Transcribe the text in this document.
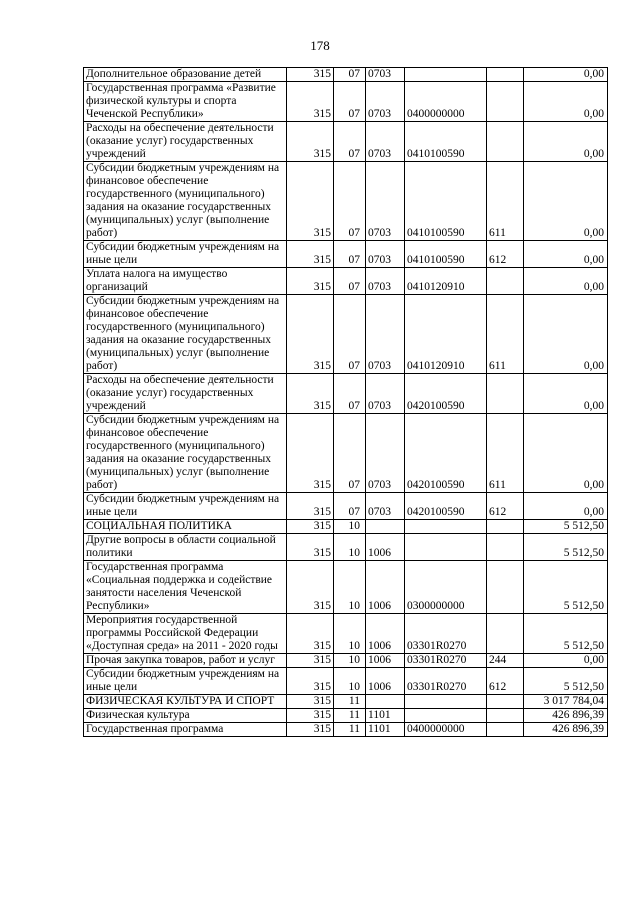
178
Дополнительное образование детей	315	07	0703			0,00
Государственная программа «Развитие физической культуры и спорта Чеченской Республики»	315	07	0703	0400000000		0,00
Расходы на обеспечение деятельности (оказание услуг) государственных учреждений	315	07	0703	0410100590		0,00
Субсидии бюджетным учреждениям на финансовое обеспечение государственного (муниципального) задания на оказание государственных (муниципальных) услуг (выполнение работ)	315	07	0703	0410100590	611	0,00
Субсидии бюджетным учреждениям на иные цели	315	07	0703	0410100590	612	0,00
Уплата налога на имущество организаций	315	07	0703	0410120910		0,00
Субсидии бюджетным учреждениям на финансовое обеспечение государственного (муниципального) задания на оказание государственных (муниципальных) услуг (выполнение работ)	315	07	0703	0410120910	611	0,00
Расходы на обеспечение деятельности (оказание услуг) государственных учреждений	315	07	0703	0420100590		0,00
Субсидии бюджетным учреждениям на финансовое обеспечение государственного (муниципального) задания на оказание государственных (муниципальных) услуг (выполнение работ)	315	07	0703	0420100590	611	0,00
Субсидии бюджетным учреждениям на иные цели	315	07	0703	0420100590	612	0,00
СОЦИАЛЬНАЯ ПОЛИТИКА	315	10				5 512,50
Другие вопросы в области социальной политики	315	10	1006			5 512,50
Государственная программа «Социальная поддержка и содействие занятости населения Чеченской Республики»	315	10	1006	0300000000		5 512,50
Мероприятия государственной программы Российской Федерации «Доступная среда» на 2011 - 2020 годы	315	10	1006	03301R0270		5 512,50
Прочая закупка товаров, работ и услуг	315	10	1006	03301R0270	244	0,00
Субсидии бюджетным учреждениям на иные цели	315	10	1006	03301R0270	612	5 512,50
ФИЗИЧЕСКАЯ КУЛЬТУРА И СПОРТ	315	11				3 017 784,04
Физическая культура	315	11	1101			426 896,39
Государственная программа	315	11	1101	0400000000		426 896,39
